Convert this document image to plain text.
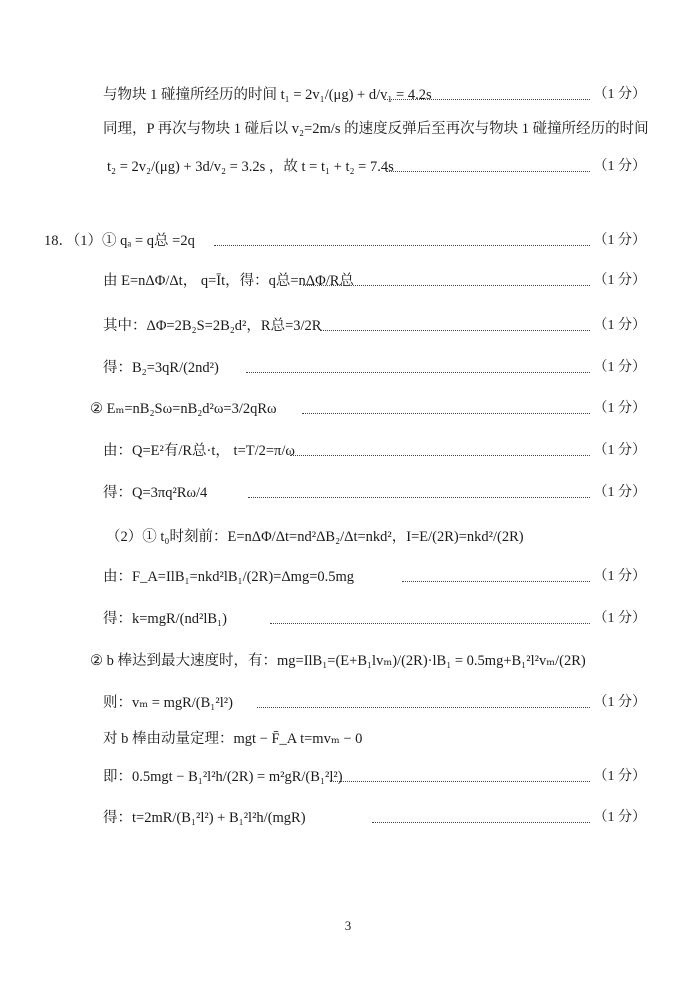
与物块 1 碰撞所经历的时间 t₁ = 2v₁/(μg) + d/v₁ = 4.2s	（1 分）
同理，P 再次与物块 1 碰后以 v₂=2m/s 的速度反弹后至再次与物块 1 碰撞所经历的时间
t₂ = 2v₂/(μg) + 3d/v₂ = 3.2s ，故 t = t₁ + t₂ = 7.4s	（1 分）
18．（1）① qₐ = q总 =2q	（1 分）
由 E=nΔΦ/Δt， q=Īt，得：q总=nΔΦ/R总	（1 分）
其中：ΔΦ=2B₂S=2B₂d²，R总=3/2R	（1 分）
得：B₂=3qR/(2nd²)	（1 分）
② Eₘ=nB₂Sω=nB₂d²ω=3/2qRω	（1 分）
由：Q=E²有/R总·t， t=T/2=π/ω	（1 分）
得：Q=3πq²Rω/4	（1 分）
（2）① t₀时刻前：E=nΔΦ/Δt=nd²ΔB₂/Δt=nkd²，I=E/(2R)=nkd²/(2R)
由：F_A=IlB₁=nkd²lB₁/(2R)=Δmg=0.5mg	（1 分）
得：k=mgR/(nd²lB₁)	（1 分）
② b 棒达到最大速度时，有：mg=IlB₁=(E+B₁lvₘ)/(2R)·lB₁ = 0.5mg+B₁²l²vₘ/(2R)
则：vₘ = mgR/(B₁²l²)	（1 分）
对 b 棒由动量定理：mgt − F̄_A t=mvₘ − 0
即：0.5mgt − B₁²l²h/(2R) = m²gR/(B₁²l²)	（1 分）
得：t=2mR/(B₁²l²) + B₁²l²h/(mgR)	（1 分）
3
